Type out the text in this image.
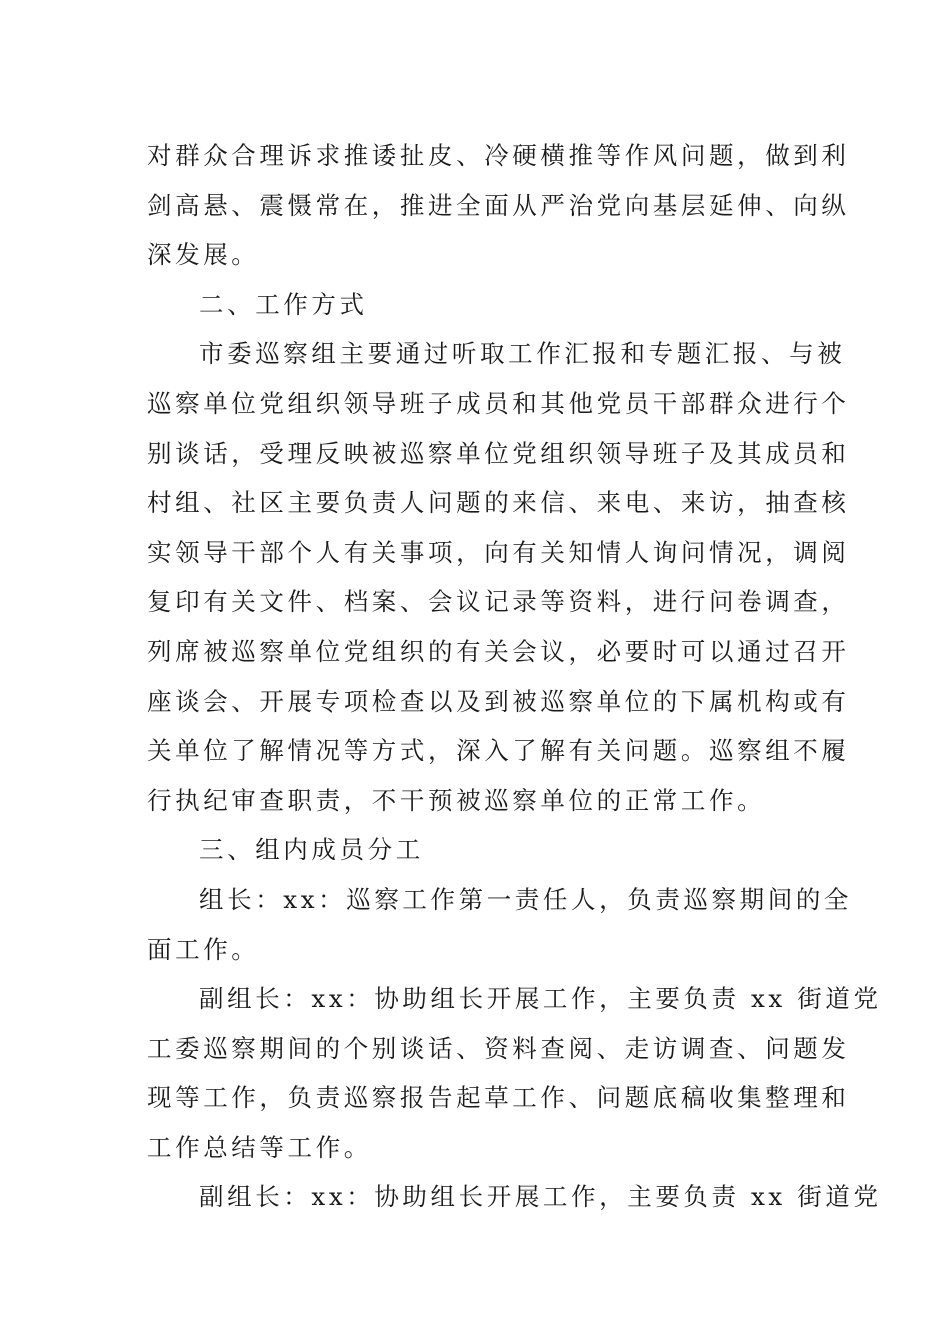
对群众合理诉求推诿扯皮、冷硬横推等作风问题，做到利
剑高悬、震慑常在，推进全面从严治党向基层延伸、向纵
深发展。
二、工作方式
市委巡察组主要通过听取工作汇报和专题汇报、与被
巡察单位党组织领导班子成员和其他党员干部群众进行个
别谈话，受理反映被巡察单位党组织领导班子及其成员和
村组、社区主要负责人问题的来信、来电、来访，抽查核
实领导干部个人有关事项，向有关知情人询问情况，调阅
复印有关文件、档案、会议记录等资料，进行问卷调查，
列席被巡察单位党组织的有关会议，必要时可以通过召开
座谈会、开展专项检查以及到被巡察单位的下属机构或有
关单位了解情况等方式，深入了解有关问题。巡察组不履
行执纪审查职责，不干预被巡察单位的正常工作。
三、组内成员分工
组长：xx：巡察工作第一责任人，负责巡察期间的全
面工作。
副组长：xx：协助组长开展工作，主要负责 xx 街道党
工委巡察期间的个别谈话、资料查阅、走访调查、问题发
现等工作，负责巡察报告起草工作、问题底稿收集整理和
工作总结等工作。
副组长：xx：协助组长开展工作，主要负责 xx 街道党
